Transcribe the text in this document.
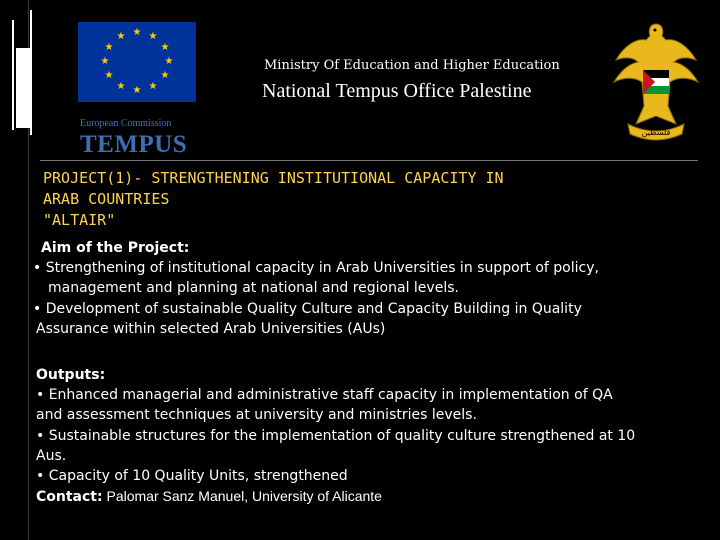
★ ★
★
★
★
★
★
★
★
★
★
★
Ministry Of Education and Higher Education
National Tempus Office Palestine
European Commission
TEMPUS	فلسطين
PROJECT(1)- STRENGTHENING INSTITUTIONAL CAPACITY IN
ARAB COUNTRIES
"ALTAIR"
Aim of the Project:
• Strengthening of institutional capacity in Arab Universities in support of policy,
management and planning at national and regional levels.
• Development of sustainable Quality Culture and Capacity Building in Quality
Assurance within selected Arab Universities (AUs)
Outputs:
• Enhanced managerial and administrative staff capacity in implementation of QA
and assessment techniques at university and ministries levels.
• Sustainable structures for the implementation of quality culture strengthened at 10
Aus.
• Capacity of 10 Quality Units, strengthened
Contact: Palomar Sanz Manuel, University of Alicante
